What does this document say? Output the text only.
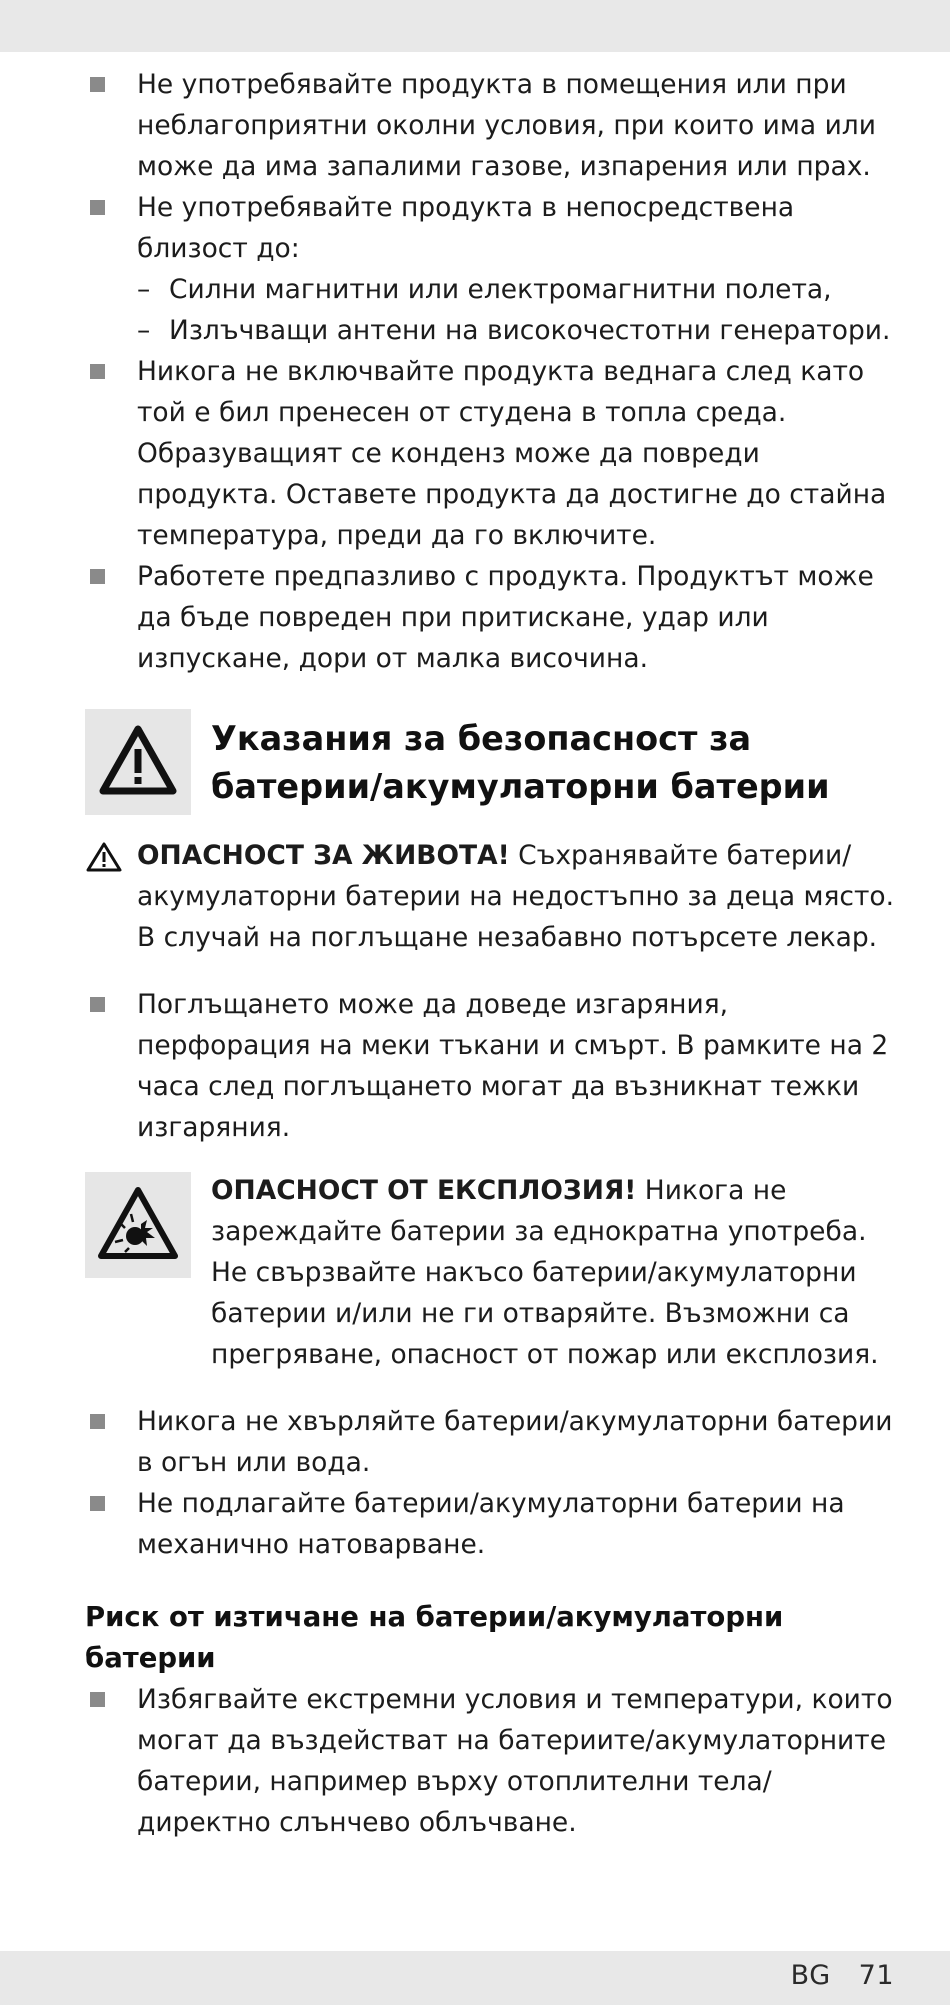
Не употребявайте продукта в помещения или при неблагоприятни околни условия, при които има или може да има запалими газове, изпарения или прах.

Не употребявайте продукта в непосредствена близост до:

– Силни магнитни или електромагнитни полета,

– Излъчващи антени на високочестотни генератори.

Никога не включвайте продукта веднага след като той е бил пренесен от студена в топла среда. Образуващият се конденз може да повреди продукта. Оставете продукта да достигне до стайна температура, преди да го включите.

Работете предпазливо с продукта. Продуктът може да бъде повреден при притискане, удар или изпускане, дори от малка височина.

Указания за безопасност за
батерии/акумулаторни батерии
ОПАСНОСТ ЗА ЖИВОТА! Съхранявайте батерии/ акумулаторни батерии на недостъпно за деца място. В случай на поглъщане незабавно потърсете лекар.

Поглъщането може да доведе изгаряния, перфорация на меки тъкани и смърт. В рамките на 2 часа след поглъщането могат да възникнат тежки изгаряния.

ОПАСНОСТ ОТ ЕКСПЛОЗИЯ! Никога не зареждайте батерии за еднократна употреба. Не свързвайте накъсо батерии/акумулаторни батерии и/или не ги отваряйте. Възможни са прегряване, опасност от пожар или експлозия.

Никога не хвърляйте батерии/акумулаторни батерии в огън или вода.

Не подлагайте батерии/акумулаторни батерии на механично натоварване.

Риск от изтичане на батерии/акумулаторни батерии

Избягвайте екстремни условия и температури, които могат да въздействат на батериите/акумулаторните батерии, например върху отоплителни тела/директно слънчево облъчване.

BG 71
